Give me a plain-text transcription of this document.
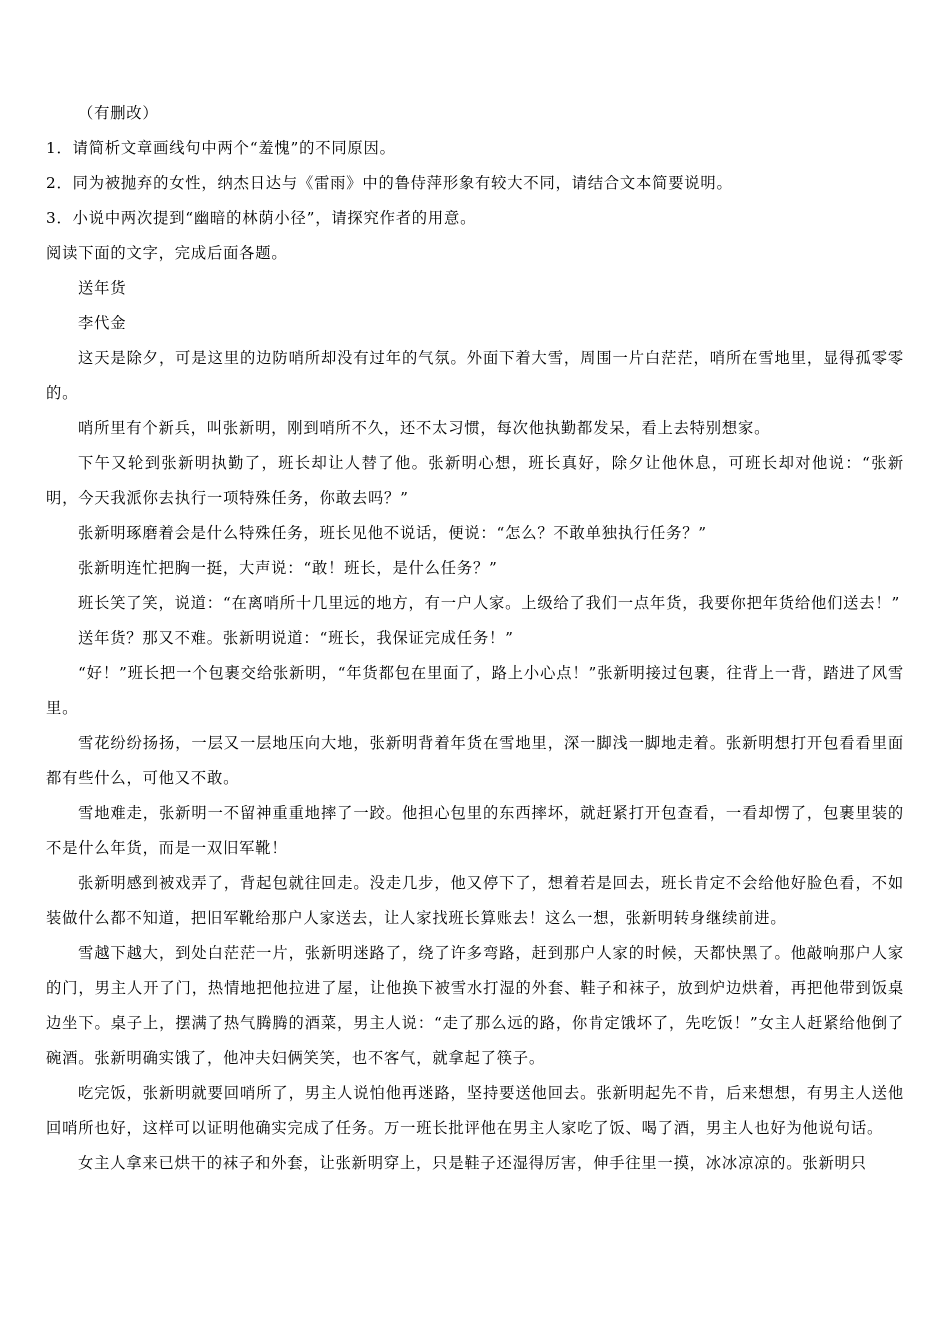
（有删改）
1．请简析文章画线句中两个“羞愧”的不同原因。
2．同为被抛弃的女性，纳杰日达与《雷雨》中的鲁侍萍形象有较大不同，请结合文本简要说明。
3．小说中两次提到“幽暗的林荫小径”，请探究作者的用意。
阅读下面的文字，完成后面各题。
送年货
李代金

这天是除夕，可是这里的边防哨所却没有过年的气氛。外面下着大雪，周围一片白茫茫，哨所在雪地里，显得孤零零的。

哨所里有个新兵，叫张新明，刚到哨所不久，还不太习惯，每次他执勤都发呆，看上去特别想家。

下午又轮到张新明执勤了，班长却让人替了他。张新明心想，班长真好，除夕让他休息，可班长却对他说：“张新明，今天我派你去执行一项特殊任务，你敢去吗？”

张新明琢磨着会是什么特殊任务，班长见他不说话，便说：“怎么？不敢单独执行任务？”

张新明连忙把胸一挺，大声说：“敢！班长，是什么任务？”

班长笑了笑，说道：“在离哨所十几里远的地方，有一户人家。上级给了我们一点年货，我要你把年货给他们送去！”

送年货？那又不难。张新明说道：“班长，我保证完成任务！”

“好！”班长把一个包裹交给张新明，“年货都包在里面了，路上小心点！”张新明接过包裹，往背上一背，踏进了风雪里。

雪花纷纷扬扬，一层又一层地压向大地，张新明背着年货在雪地里，深一脚浅一脚地走着。张新明想打开包看看里面都有些什么，可他又不敢。

雪地难走，张新明一不留神重重地摔了一跤。他担心包里的东西摔坏，就赶紧打开包查看，一看却愣了，包裹里装的不是什么年货，而是一双旧军靴！

张新明感到被戏弄了，背起包就往回走。没走几步，他又停下了，想着若是回去，班长肯定不会给他好脸色看，不如装做什么都不知道，把旧军靴给那户人家送去，让人家找班长算账去！这么一想，张新明转身继续前进。

雪越下越大，到处白茫茫一片，张新明迷路了，绕了许多弯路，赶到那户人家的时候，天都快黑了。他敲响那户人家的门，男主人开了门，热情地把他拉进了屋，让他换下被雪水打湿的外套、鞋子和袜子，放到炉边烘着，再把他带到饭桌边坐下。桌子上，摆满了热气腾腾的酒菜，男主人说：“走了那么远的路，你肯定饿坏了，先吃饭！”女主人赶紧给他倒了碗酒。张新明确实饿了，他冲夫妇俩笑笑，也不客气，就拿起了筷子。

吃完饭，张新明就要回哨所了，男主人说怕他再迷路，坚持要送他回去。张新明起先不肯，后来想想，有男主人送他回哨所也好，这样可以证明他确实完成了任务。万一班长批评他在男主人家吃了饭、喝了酒，男主人也好为他说句话。

女主人拿来已烘干的袜子和外套，让张新明穿上，只是鞋子还湿得厉害，伸手往里一摸，冰冰凉凉的。张新明只
